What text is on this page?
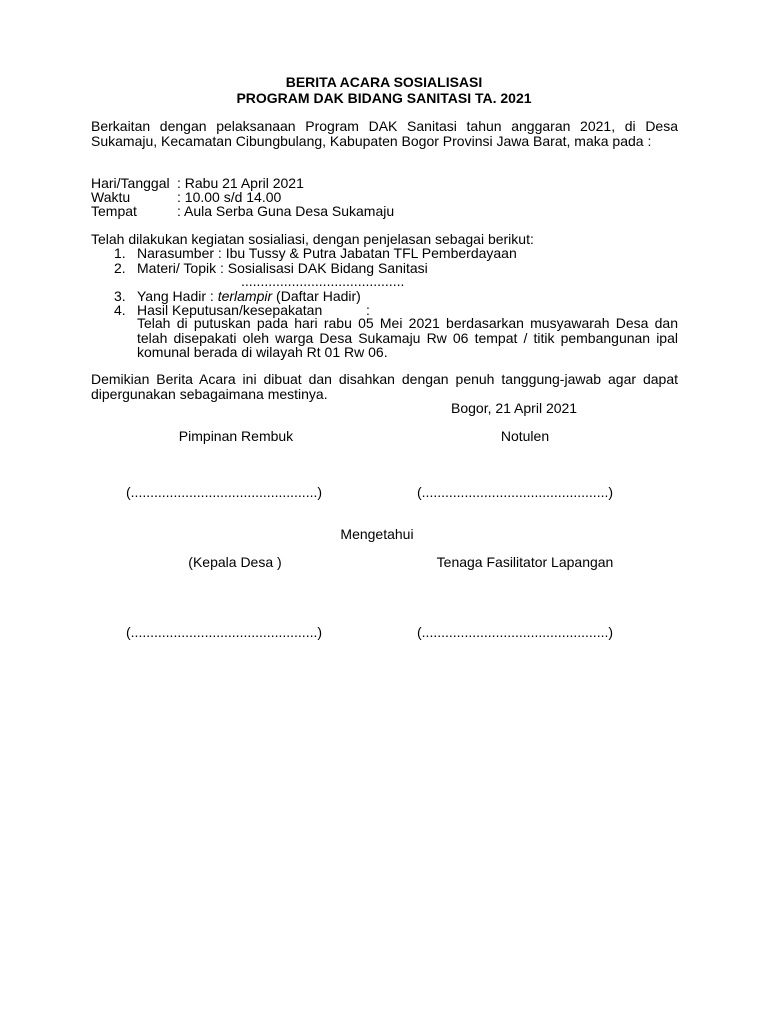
BERITA ACARA SOSIALISASI
PROGRAM DAK BIDANG SANITASI TA. 2021
Berkaitan dengan pelaksanaan Program DAK Sanitasi tahun anggaran 2021, di Desa Sukamaju, Kecamatan Cibungbulang, Kabupaten Bogor Provinsi Jawa Barat, maka pada :
Hari/Tanggal : Rabu 21 April 2021
Waktu	: 10.00 s/d 14.00
Tempat	: Aula Serba Guna Desa Sukamaju
Telah dilakukan kegiatan sosialiasi, dengan penjelasan sebagai berikut:
1. Narasumber : Ibu Tussy & Putra Jabatan TFL Pemberdayaan
2. Materi/ Topik : Sosialisasi DAK Bidang Sanitasi
..........................................
3. Yang Hadir : terlampir (Daftar Hadir)
4. Hasil Keputusan/kesepakatan	:
Telah di putuskan pada hari rabu 05 Mei 2021 berdasarkan musyawarah Desa dan telah disepakati oleh warga Desa Sukamaju Rw 06 tempat / titik pembangunan ipal komunal berada di wilayah Rt 01 Rw 06.
Demikian Berita Acara ini dibuat dan disahkan dengan penuh tanggung-jawab agar dapat dipergunakan sebagaimana mestinya.
Bogor, 21 April 2021
Pimpinan Rembuk	Notulen
(................................................)	(................................................)
Mengetahui
(Kepala Desa )	Tenaga Fasilitator Lapangan
(................................................)	(................................................)
